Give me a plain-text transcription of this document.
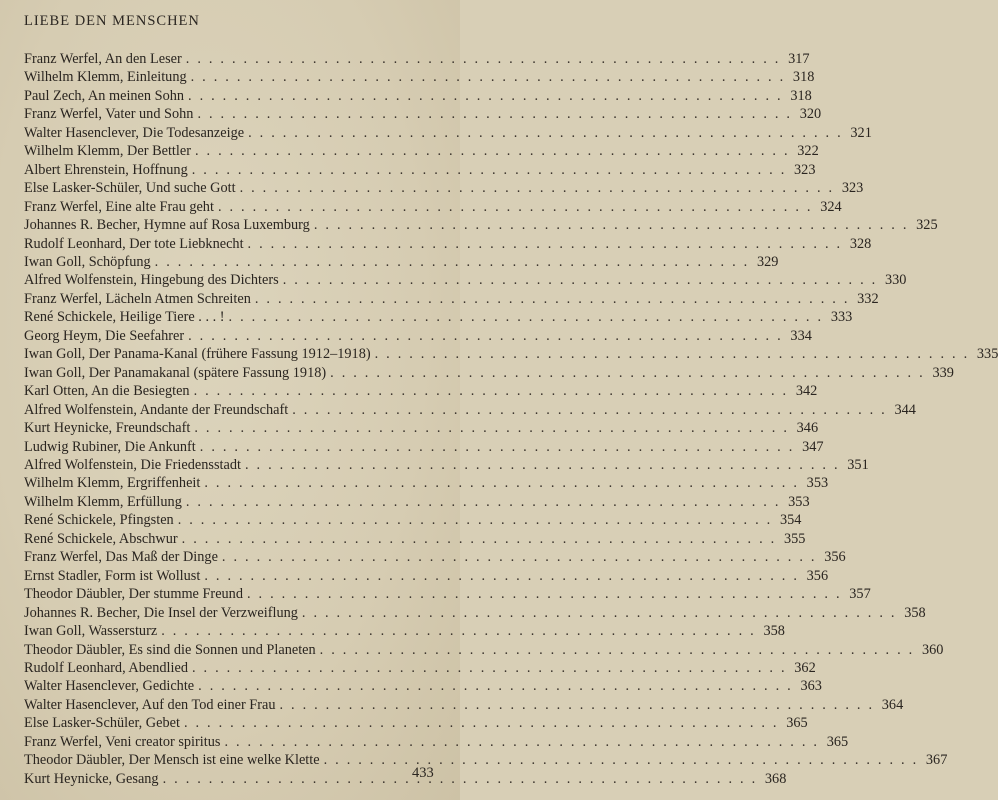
LIEBE DEN MENSCHEN
Franz Werfel, An den Leser . . .	317
Wilhelm Klemm, Einleitung . . .	318
Paul Zech, An meinen Sohn . . .	318
Franz Werfel, Vater und Sohn . . .	320
Walter Hasenclever, Die Todesanzeige . . .	321
Wilhelm Klemm, Der Bettler . . .	322
Albert Ehrenstein, Hoffnung . . .	323
Else Lasker-Schüler, Und suche Gott . . .	323
Franz Werfel, Eine alte Frau geht . . .	324
Johannes R. Becher, Hymne auf Rosa Luxemburg . . .	325
Rudolf Leonhard, Der tote Liebknecht . . .	328
Iwan Goll, Schöpfung . . .	329
Alfred Wolfenstein, Hingebung des Dichters . . .	330
Franz Werfel, Lächeln Atmen Schreiten . . .	332
René Schickele, Heilige Tiere . . . ! . . .	333
Georg Heym, Die Seefahrer . . .	334
Iwan Goll, Der Panama-Kanal (frühere Fassung 1912–1918) . . .	335
Iwan Goll, Der Panamakanal (spätere Fassung 1918) . . .	339
Karl Otten, An die Besiegten . . .	342
Alfred Wolfenstein, Andante der Freundschaft . . .	344
Kurt Heynicke, Freundschaft . . .	346
Ludwig Rubiner, Die Ankunft . . .	347
Alfred Wolfenstein, Die Friedensstadt . . .	351
Wilhelm Klemm, Ergriffenheit . . .	353
Wilhelm Klemm, Erfüllung . . .	353
René Schickele, Pfingsten . . .	354
René Schickele, Abschwur . . .	355
Franz Werfel, Das Maß der Dinge . . .	356
Ernst Stadler, Form ist Wollust . . .	356
Theodor Däubler, Der stumme Freund . . .	357
Johannes R. Becher, Die Insel der Verzweiflung . . .	358
Iwan Goll, Wassersturz . . .	358
Theodor Däubler, Es sind die Sonnen und Planeten . . .	360
Rudolf Leonhard, Abendlied . . .	362
Walter Hasenclever, Gedichte . . .	363
Walter Hasenclever, Auf den Tod einer Frau . . .	364
Else Lasker-Schüler, Gebet . . .	365
Franz Werfel, Veni creator spiritus . . .	365
Theodor Däubler, Der Mensch ist eine welke Klette . . .	367
Kurt Heynicke, Gesang . . .	368
433
